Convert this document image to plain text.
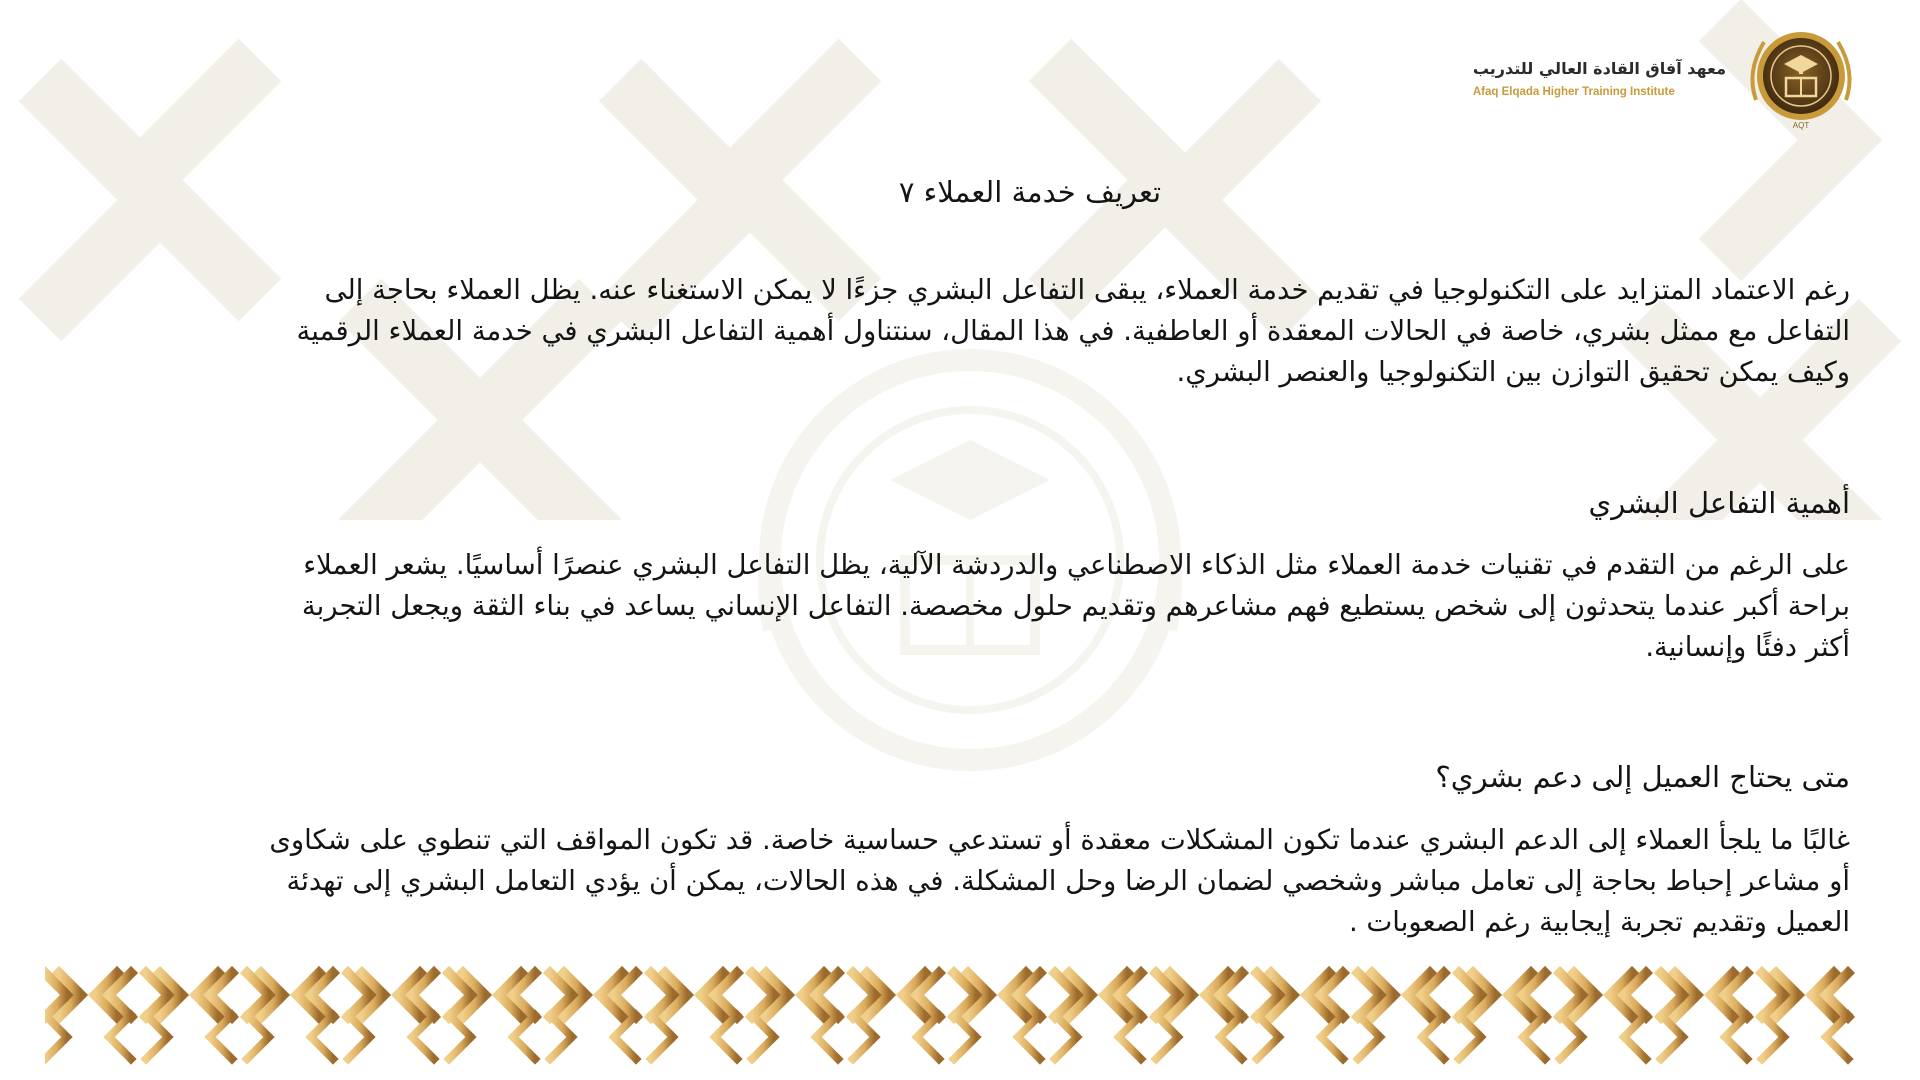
AQT
معهد آفاق القادة العالي للتدريب
Afaq Elqada Higher Training Institute
تعريف خدمة العملاء ٧
رغم الاعتماد المتزايد على التكنولوجيا في تقديم خدمة العملاء، يبقى التفاعل البشري جزءًا لا يمكن الاستغناء عنه. يظل العملاء بحاجة إلى
التفاعل مع ممثل بشري، خاصة في الحالات المعقدة أو العاطفية. في هذا المقال، سنتناول أهمية التفاعل البشري في خدمة العملاء الرقمية
وكيف يمكن تحقيق التوازن بين التكنولوجيا والعنصر البشري.
أهمية التفاعل البشري
على الرغم من التقدم في تقنيات خدمة العملاء مثل الذكاء الاصطناعي والدردشة الآلية، يظل التفاعل البشري عنصرًا أساسيًا. يشعر العملاء
براحة أكبر عندما يتحدثون إلى شخص يستطيع فهم مشاعرهم وتقديم حلول مخصصة. التفاعل الإنساني يساعد في بناء الثقة ويجعل التجربة
أكثر دفئًا وإنسانية.
متى يحتاج العميل إلى دعم بشري؟
غالبًا ما يلجأ العملاء إلى الدعم البشري عندما تكون المشكلات معقدة أو تستدعي حساسية خاصة. قد تكون المواقف التي تنطوي على شكاوى
أو مشاعر إحباط بحاجة إلى تعامل مباشر وشخصي لضمان الرضا وحل المشكلة. في هذه الحالات، يمكن أن يؤدي التعامل البشري إلى تهدئة
العميل وتقديم تجربة إيجابية رغم الصعوبات .
